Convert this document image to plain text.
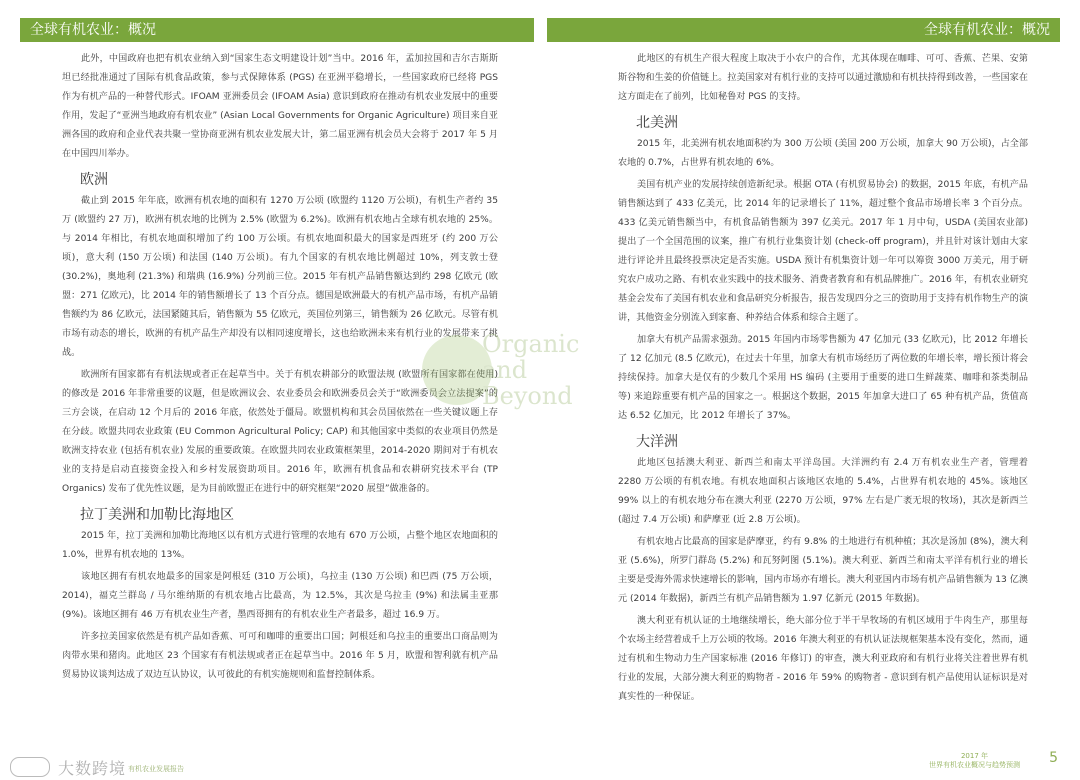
全球有机农业：概况	全球有机农业：概况

此外，中国政府也把有机农业纳入到“国家生态文明建设计划”当中。2016 年，孟加拉国和吉尔吉斯斯坦已经批准通过了国际有机食品政策，参与式保障体系 (PGS) 在亚洲平稳增长，一些国家政府已经将 PGS 作为有机产品的一种替代形式。IFOAM 亚洲委员会 (IFOAM Asia) 意识到政府在推动有机农业发展中的重要作用，发起了“亚洲当地政府有机农业” (Asian Local Governments for Organic Agriculture) 项目来自亚洲各国的政府和企业代表共聚一堂协商亚洲有机农业发展大计，第二届亚洲有机会员大会将于 2017 年 5 月在中国四川举办。

欧洲

截止到 2015 年年底，欧洲有机农地的面积有 1270 万公顷 (欧盟约 1120 万公顷)，有机生产者约 35 万 (欧盟约 27 万)，欧洲有机农地的比例为 2.5% (欧盟为 6.2%)。欧洲有机农地占全球有机农地的 25%。与 2014 年相比，有机农地面积增加了约 100 万公顷。有机农地面积最大的国家是西班牙 (约 200 万公顷)，意大利 (150 万公顷) 和法国 (140 万公顷)。有九个国家的有机农地比例超过 10%，列支敦士登 (30.2%)，奥地利 (21.3%) 和瑞典 (16.9%) 分列前三位。2015 年有机产品销售额达到约 298 亿欧元 (欧盟：271 亿欧元)，比 2014 年的销售额增长了 13 个百分点。德国是欧洲最大的有机产品市场，有机产品销售额约为 86 亿欧元，法国紧随其后，销售额为 55 亿欧元，英国位列第三，销售额为 26 亿欧元。尽管有机市场有动态的增长，欧洲的有机产品生产却没有以相同速度增长，这也给欧洲未来有机行业的发展带来了挑战。

欧洲所有国家都有有机法规或者正在起草当中。关于有机农耕部分的欧盟法规 (欧盟所有国家都在使用) 的修改是 2016 年非常重要的议题，但是欧洲议会、农业委员会和欧洲委员会关于“欧洲委员会立法提案”的三方会谈，在启动 12 个月后的 2016 年底，依然处于僵局。欧盟机构和其会员国依然在一些关键议题上存在分歧。欧盟共同农业政策 (EU Common Agricultural Policy; CAP) 和其他国家中类似的农业项目仍然是欧洲支持农业 (包括有机农业) 发展的重要政策。在欧盟共同农业政策框架里，2014-2020 期间对于有机农业的支持是启动直接资金投入和乡村发展资助项目。2016 年，欧洲有机食品和农耕研究技术平台 (TP Organics) 发布了优先性议题，是为目前欧盟正在进行中的研究框架“2020 展望”做准备的。

拉丁美洲和加勒比海地区

2015 年，拉丁美洲和加勒比海地区以有机方式进行管理的农地有 670 万公顷，占整个地区农地面积的 1.0%，世界有机农地的 13%。

该地区拥有有机农地最多的国家是阿根廷 (310 万公顷)，乌拉圭 (130 万公顷) 和巴西 (75 万公顷，2014)，福克兰群岛 / 马尔维纳斯的有机农地占比最高，为 12.5%，其次是乌拉圭 (9%) 和法属圭亚那 (9%)。该地区拥有 46 万有机农业生产者，墨西哥拥有的有机农业生产者最多，超过 16.9 万。

许多拉美国家依然是有机产品如香蕉、可可和咖啡的重要出口国；阿根廷和乌拉圭的重要出口商品则为肉带水果和猪肉。此地区 23 个国家有有机法规或者正在起草当中。2016 年 5 月，欧盟和智利就有机产品贸易协议谈判达成了双边互认协议，认可彼此的有机实施规则和监督控制体系。

此地区的有机生产很大程度上取决于小农户的合作，尤其体现在咖啡、可可、香蕉、芒果、安第斯谷物和生姜的价值链上。拉美国家对有机行业的支持可以通过激励和有机扶持得到改善，一些国家在这方面走在了前列，比如秘鲁对 PGS 的支持。

北美洲

2015 年，北美洲有机农地面积约为 300 万公顷 (美国 200 万公顷，加拿大 90 万公顷)，占全部农地的 0.7%，占世界有机农地的 6%。

美国有机产业的发展持续创造新纪录。根据 OTA (有机贸易协会) 的数据，2015 年底，有机产品销售额达到了 433 亿美元，比 2014 年的记录增长了 11%，超过整个食品市场增长率 3 个百分点。433 亿美元销售额当中，有机食品销售额为 397 亿美元。2017 年 1 月中旬，USDA (美国农业部) 提出了一个全国范围的议案，推广有机行业集资计划 (check-off program)，并且针对该计划由大家进行评论并且最终投票决定是否实施。USDA 预计有机集资计划一年可以筹资 3000 万美元，用于研究农户成功之路、有机农业实践中的技术服务、消费者教育和有机品牌推广。2016 年，有机农业研究基金会发布了美国有机农业和食品研究分析报告，报告发现四分之三的资助用于支持有机作物生产的演讲，其他资金分别流入到家畜、种养结合体系和综合主题了。

加拿大有机产品需求强劲。2015 年国内市场零售额为 47 亿加元 (33 亿欧元)，比 2012 年增长了 12 亿加元 (8.5 亿欧元)，在过去十年里，加拿大有机市场经历了两位数的年增长率，增长预计将会持续保持。加拿大是仅有的少数几个采用 HS 编码 (主要用于重要的进口生鲜蔬菜、咖啡和茶类制品等) 来追踪重要有机产品的国家之一。根据这个数据，2015 年加拿大进口了 65 种有机产品，货值高达 6.52 亿加元，比 2012 年增长了 37%。

大洋洲

此地区包括澳大利亚、新西兰和南太平洋岛国。大洋洲约有 2.4 万有机农业生产者，管理着 2280 万公顷的有机农地。有机农地面积占该地区农地的 5.4%，占世界有机农地的 45%。该地区 99% 以上的有机农地分布在澳大利亚 (2270 万公顷，97% 左右是广袤无垠的牧场)，其次是新西兰 (超过 7.4 万公顷) 和萨摩亚 (近 2.8 万公顷)。

有机农地占比最高的国家是萨摩亚，约有 9.8% 的土地进行有机种植；其次是汤加 (8%)，澳大利亚 (5.6%)，所罗门群岛 (5.2%) 和瓦努阿图 (5.1%)。澳大利亚、新西兰和南太平洋有机行业的增长主要是受海外需求快速增长的影响，国内市场亦有增长。澳大利亚国内市场有机产品销售额为 13 亿澳元 (2014 年数据)，新西兰有机产品销售额为 1.97 亿新元 (2015 年数据)。

澳大利亚有机认证的土地继续增长，绝大部分位于半干旱牧场的有机区域用于牛肉生产，那里每个农场主经营着成千上万公顷的牧场。2016 年澳大利亚的有机认证法规框架基本没有变化，然而，通过有机和生物动力生产国家标准 (2016 年修订) 的审查，澳大利亚政府和有机行业将关注着世界有机行业的发展，大部分澳大利亚的购物者 - 2016 年 59% 的购物者 - 意识到有机产品使用认证标识是对真实性的一种保证。

Organic
and
Beyond
大数跨境 有机农业发展报告
2017 年
世界有机农业概况与趋势预测 5
